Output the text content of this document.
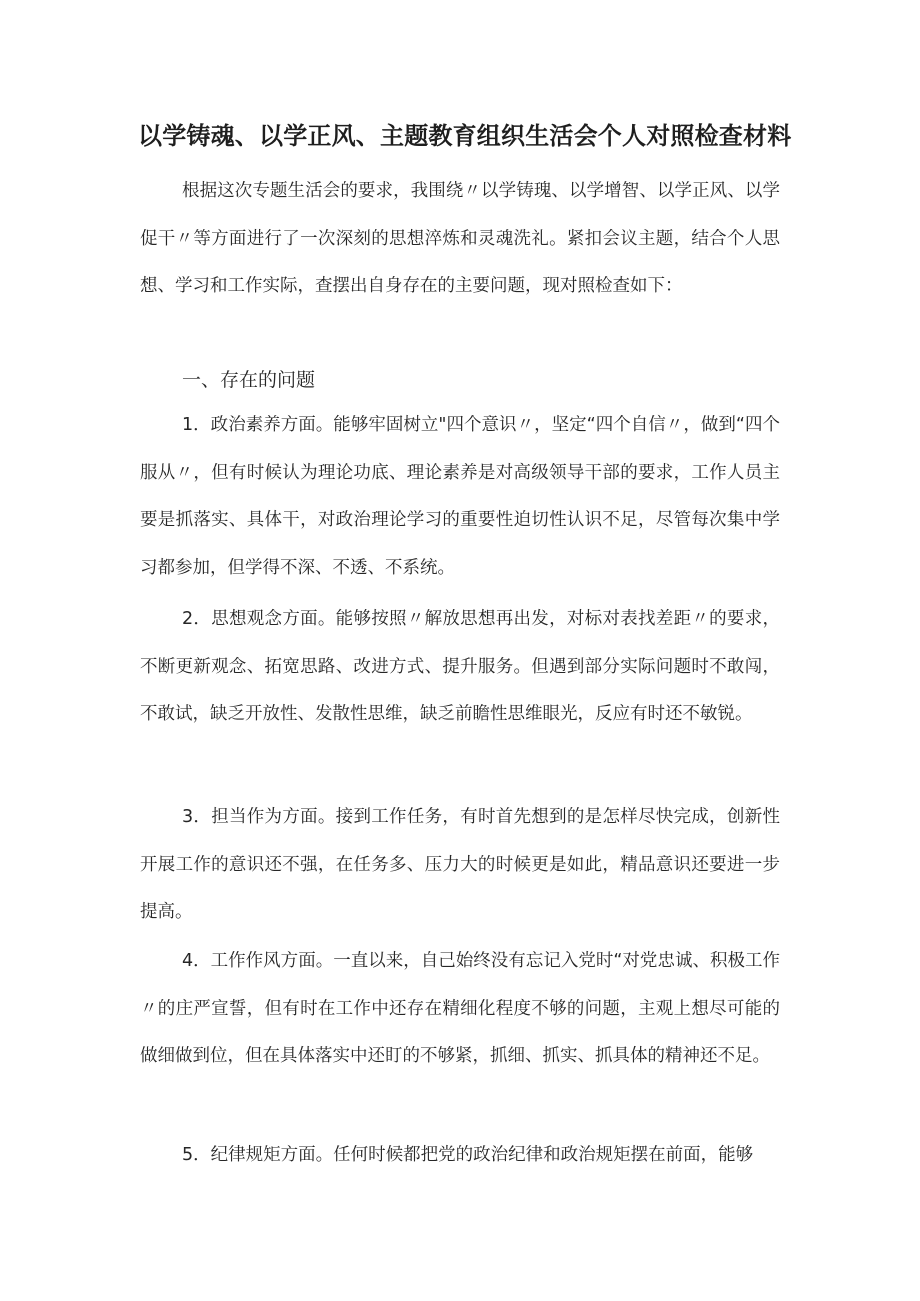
以学铸魂、以学正风、主题教育组织生活会个人对照检查材料
根据这次专题生活会的要求，我围绕〃以学铸瑰、以学增智、以学正风、以学促干〃等方面进行了一次深刻的思想淬炼和灵魂洗礼。紧扣会议主题，结合个人思想、学习和工作实际，查摆出自身存在的主要问题，现对照检查如下：
一、存在的问题
1．政治素养方面。能够牢固树立"四个意识〃，坚定“四个自信〃，做到“四个服从〃，但有时候认为理论功底、理论素养是对高级领导干部的要求，工作人员主要是抓落实、具体干，对政治理论学习的重要性迫切性认识不足，尽管每次集中学习都参加，但学得不深、不透、不系统。
2．思想观念方面。能够按照〃解放思想再出发，对标对表找差距〃的要求，不断更新观念、拓宽思路、改进方式、提升服务。但遇到部分实际问题时不敢闯，不敢试，缺乏开放性、发散性思维，缺乏前瞻性思维眼光，反应有时还不敏锐。
3．担当作为方面。接到工作任务，有时首先想到的是怎样尽快完成，创新性开展工作的意识还不强，在任务多、压力大的时候更是如此，精品意识还要进一步提高。
4．工作作风方面。一直以来，自己始终没有忘记入党时“对党忠诚、积极工作〃的庄严宣誓，但有时在工作中还存在精细化程度不够的问题，主观上想尽可能的做细做到位，但在具体落实中还盯的不够紧，抓细、抓实、抓具体的精神还不足。
5．纪律规矩方面。任何时候都把党的政治纪律和政治规矩摆在前面，能够
